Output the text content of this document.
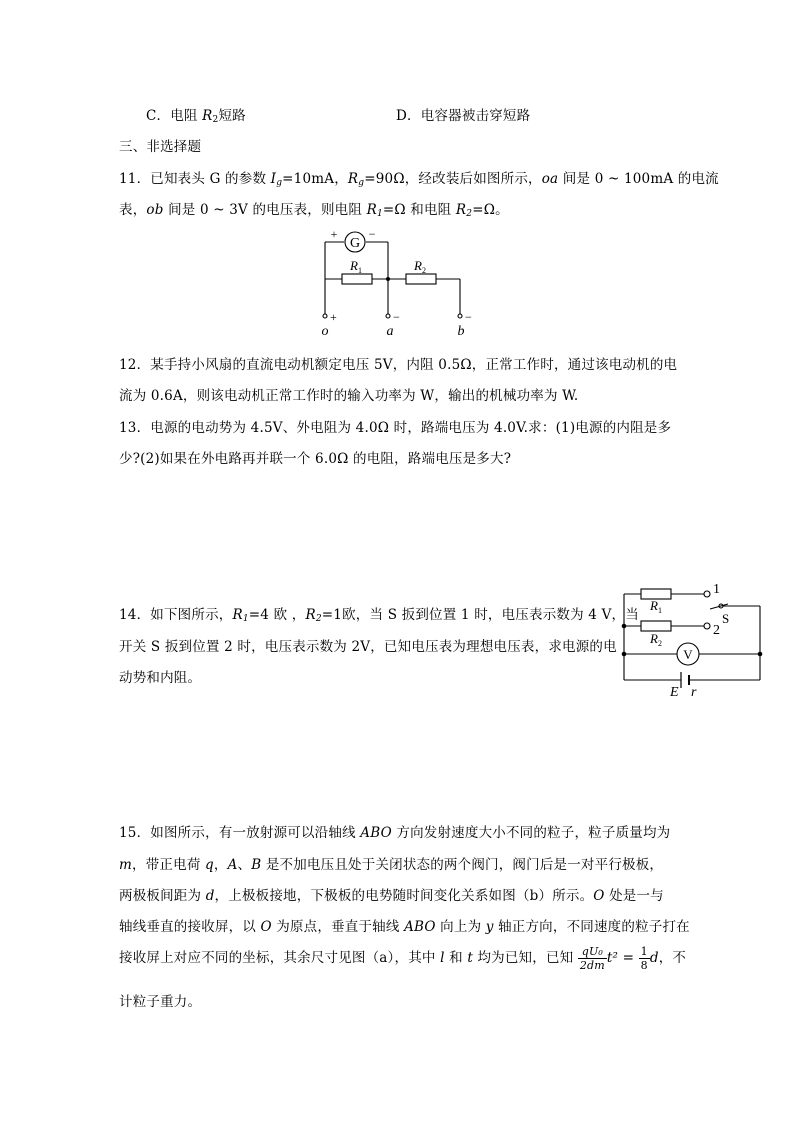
C．电阻 $R_2$短路	D．电容器被击穿短路
三、非选择题
11．已知表头 G 的参数 $I_g=10mA$，$R_g=90\Omega$，经改装后如图所示，oa 间是 0 ~ 100mA 的电流
表，ob 间是 0 ~ 3V 的电压表，则电阻 $R_1=\Omega$ 和电阻 $R_2=\Omega$。
G
+	−
$R_1$	$R_2$
+	−	−
o	a	b
12．某手持小风扇的直流电动机额定电压 5V，内阻 0.5Ω，正常工作时，通过该电动机的电
流为 0.6A，则该电动机正常工作时的输入功率为 W，输出的机械功率为 W.
13．电源的电动势为 4.5V、外电阻为 4.0Ω 时，路端电压为 4.0V.求：(1)电源的内阻是多
少?(2)如果在外电路再并联一个 6.0Ω 的电阻，路端电压是多大?
14．如下图所示，$R_1=4$ 欧 ，$R_2=1$欧，当 S 扳到位置 1 时，电压表示数为 4 V，当
开关 S 扳到位置 2 时，电压表示数为 2V，已知电压表为理想电压表，求电源的电
动势和内阻。
$R_1$
$R_2$
1
2
S
V
E r
15．如图所示，有一放射源可以沿轴线 ABO 方向发射速度大小不同的粒子，粒子质量均为
m，带正电荷 q，A、B 是不加电压且处于关闭状态的两个阀门，阀门后是一对平行极板，
两极板间距为 d，上极板接地，下极板的电势随时间变化关系如图（b）所示。O 处是一与
轴线垂直的接收屏，以 O 为原点，垂直于轴线 ABO 向上为 y 轴正方向，不同速度的粒子打在
接收屏上对应不同的坐标，其余尺寸见图（a），其中 l 和 t 均为已知，已知 $\frac{\text{qU₀}}{2dm} t^2 = \frac{1}{8}$ d，不
计粒子重力。
